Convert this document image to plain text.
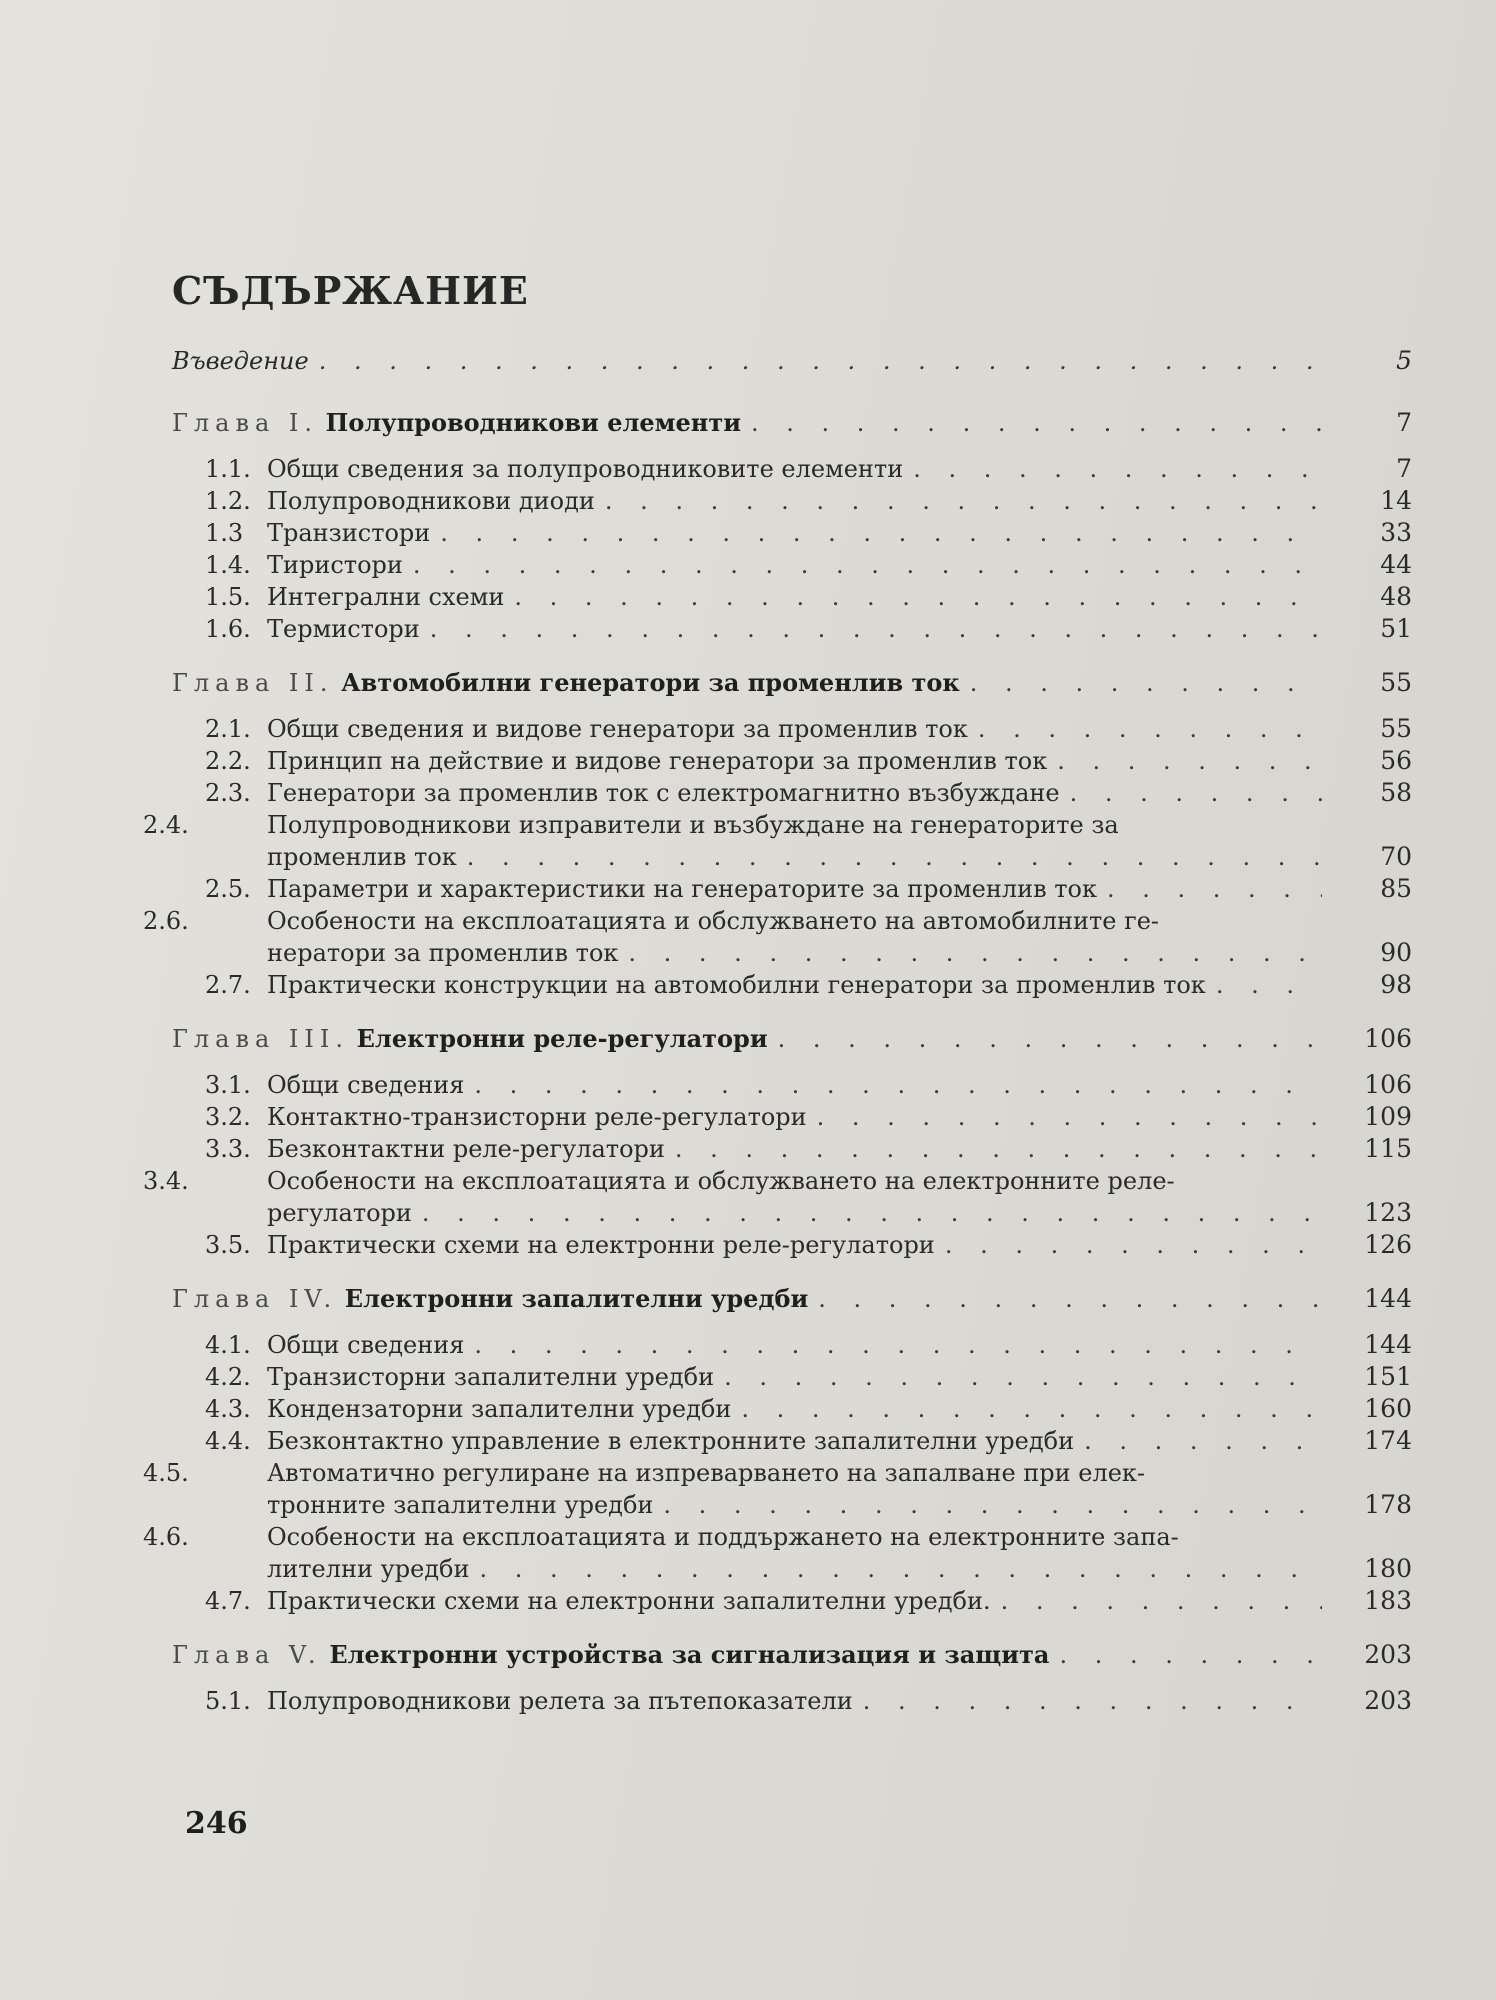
СЪДЪРЖАНИЕ
Въведение . . .	5
Глава I. Полупроводникови елементи . . .	7
1.1. Общи сведения за полупроводниковите елементи . . .	7
1.2. Полупроводникови диоди . . .	14
1.3 Транзистори . . .	33
1.4. Тиристори . . .	44
1.5. Интегрални схеми . . .	48
1.6. Термистори . . .	51
Глава II. Автомобилни генератори за променлив ток . . .	55
2.1. Общи сведения и видове генератори за променлив ток . . .	55
2.2. Принцип на действие и видове генератори за променлив ток . . .	56
2.3. Генератори за променлив ток с електромагнитно възбуждане . . .	58
2.4.	Полупроводникови изправители и възбуждане на генераторите за
променлив ток . . .	70
2.5. Параметри и характеристики на генераторите за променлив ток . . .	85
2.6.	Особености на експлоатацията и обслужването на автомобилните ге-
нератори за променлив ток . . .	90
2.7. Практически конструкции на автомобилни генератори за променлив ток . . .	98
Глава III. Електронни реле-регулатори . . .	106
3.1. Общи сведения . . .	106
3.2. Контактно-транзисторни реле-регулатори . . .	109
3.3. Безконтактни реле-регулатори . . .	115
3.4.	Особености на експлоатацията и обслужването на електронните реле-
регулатори . . .	123
3.5. Практически схеми на електронни реле-регулатори . . .	126
Глава IV. Електронни запалителни уредби . . .	144
4.1. Общи сведения . . .	144
4.2. Транзисторни запалителни уредби . . .	151
4.3. Кондензаторни запалителни уредби . . .	160
4.4. Безконтактно управление в електронните запалителни уредби . . .	174
4.5.	Автоматично регулиране на изпреварването на запалване при елек-
тронните запалителни уредби . . .	178
4.6.	Особености на експлоатацията и поддържането на електронните запа-
лителни уредби . . .	180
4.7. Практически схеми на електронни запалителни уредби. . . .	183
Глава V. Електронни устройства за сигнализация и защита . . .	203
5.1. Полупроводникови релета за пътепоказатели . . .	203
246
